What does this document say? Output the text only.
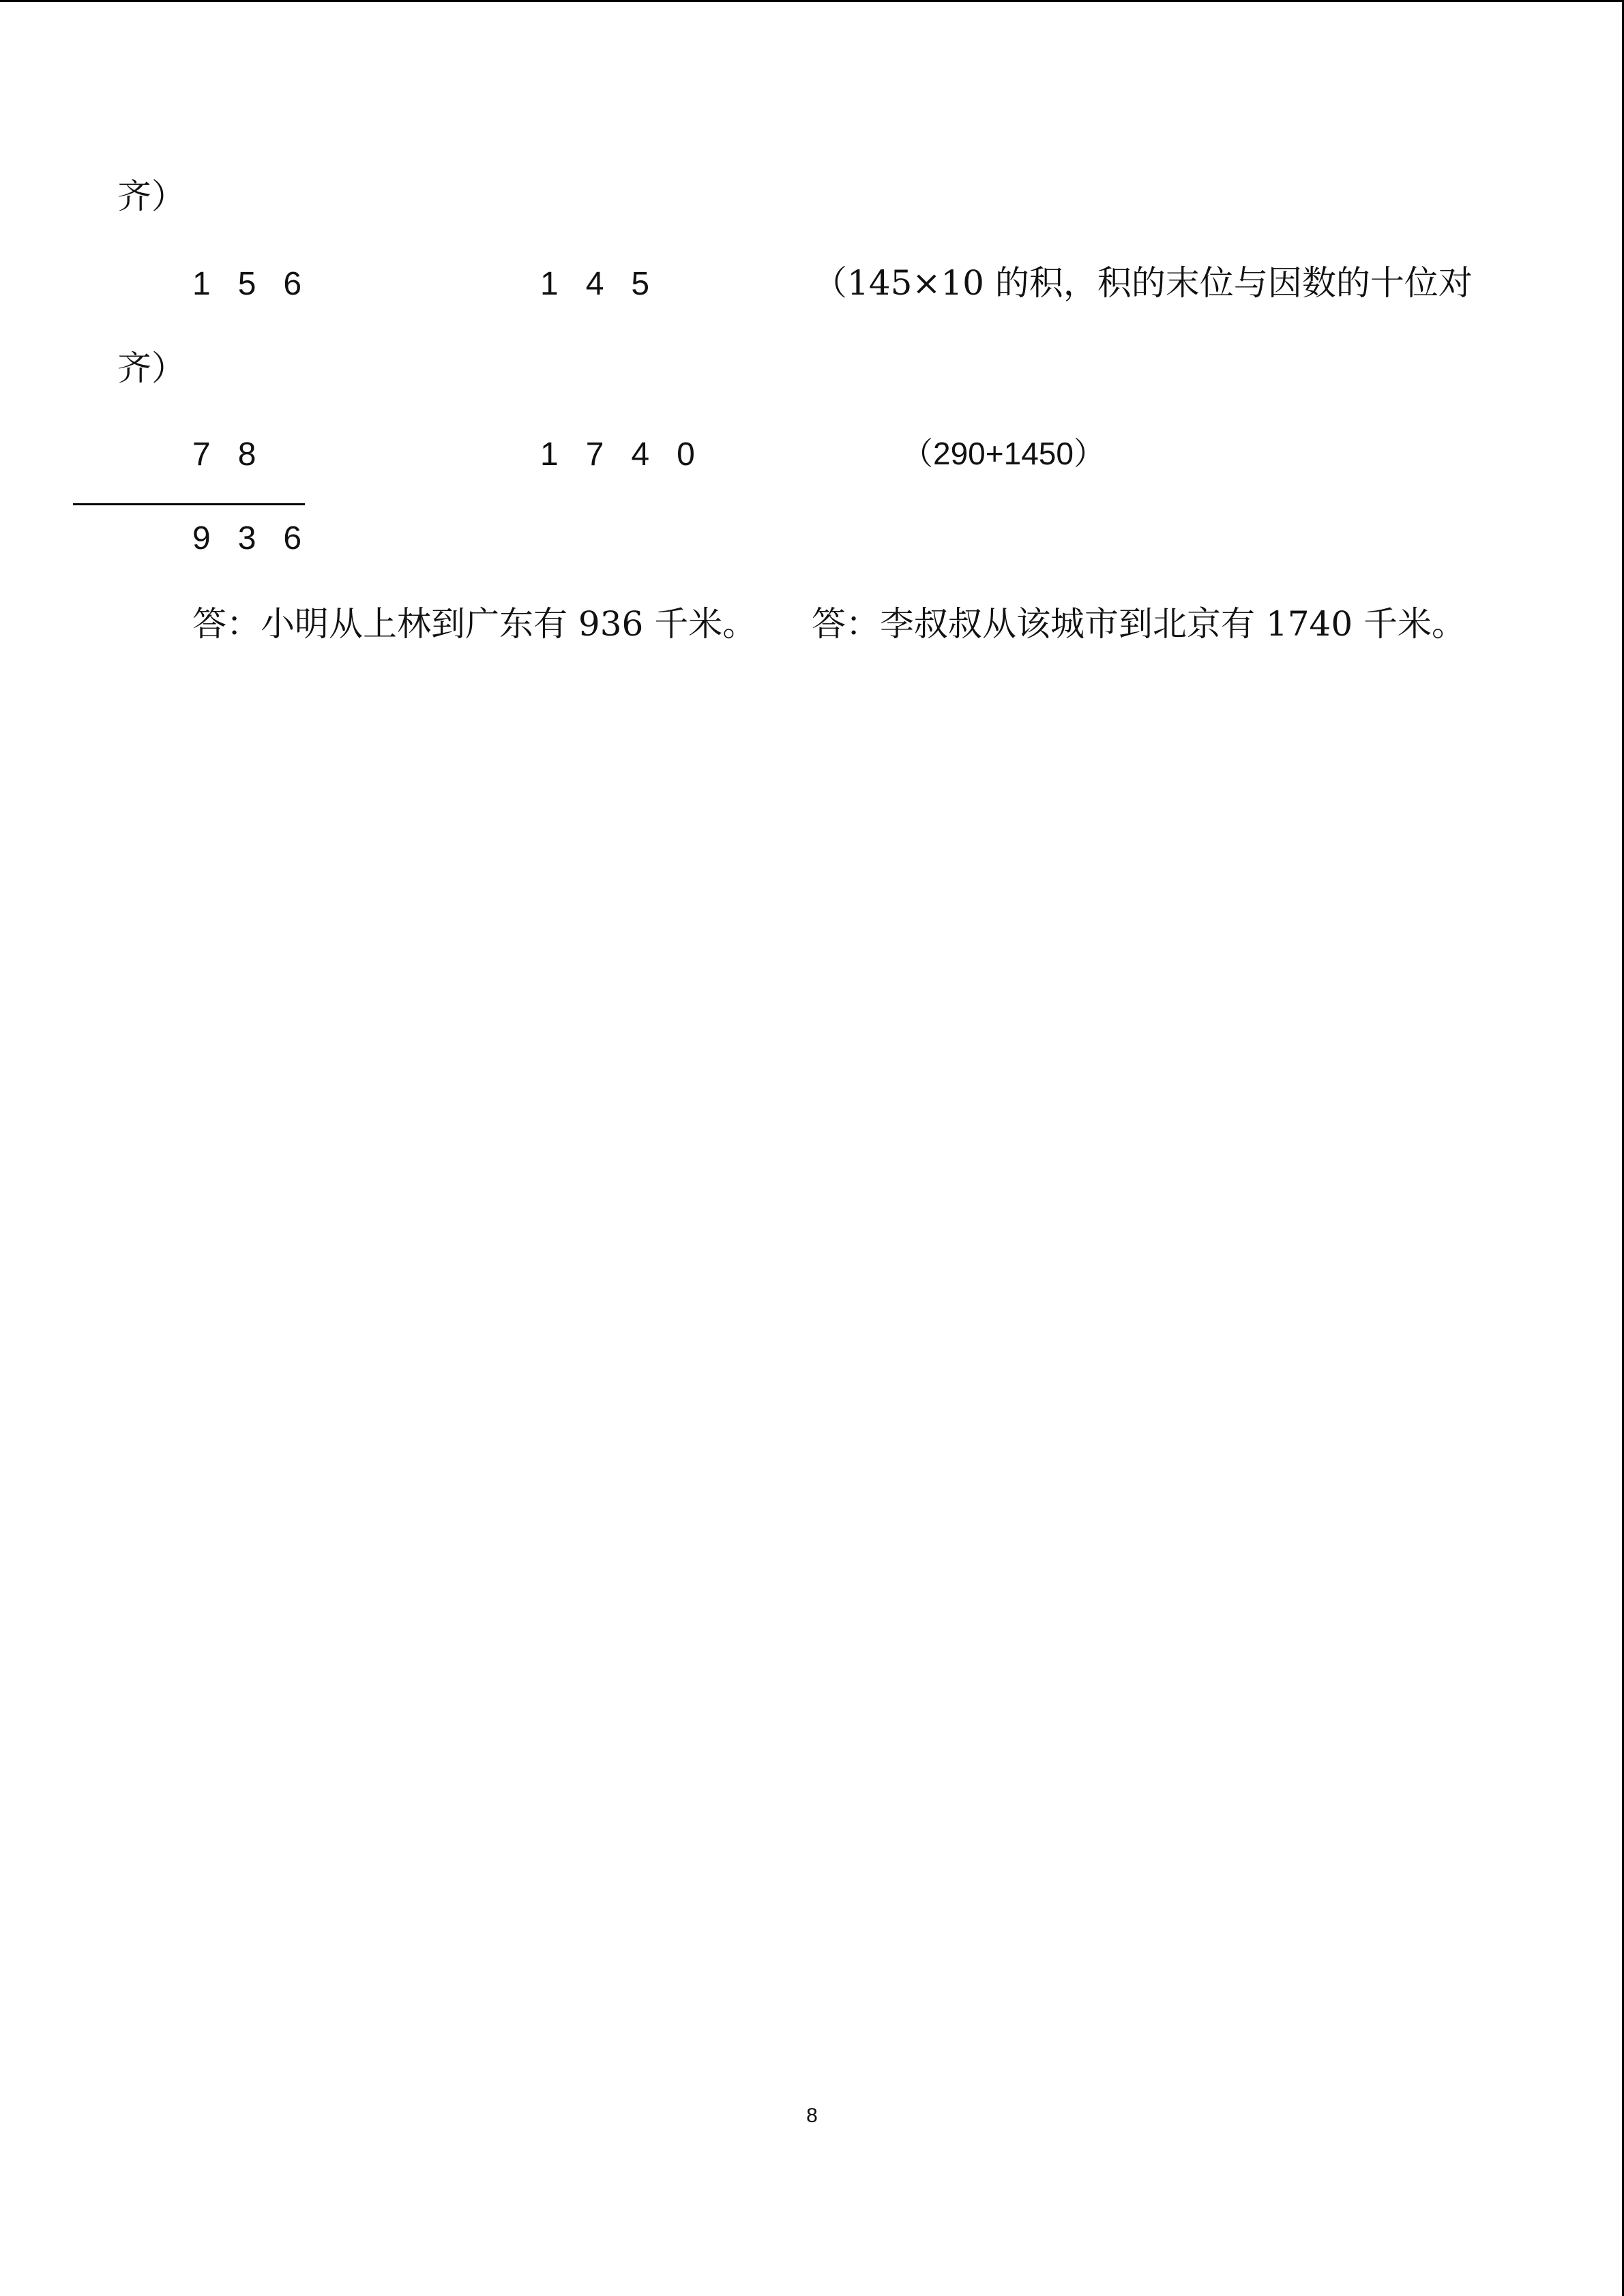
齐）
1   5   6	1   4   5	（145×10 的积，积的末位与因数的十位对
齐）
7   8	1   7   4   0	（290+1450）
9   3   6
答：小明从上林到广东有 936 千米。 答：李叔叔从该城市到北京有 1740 千米。
8
